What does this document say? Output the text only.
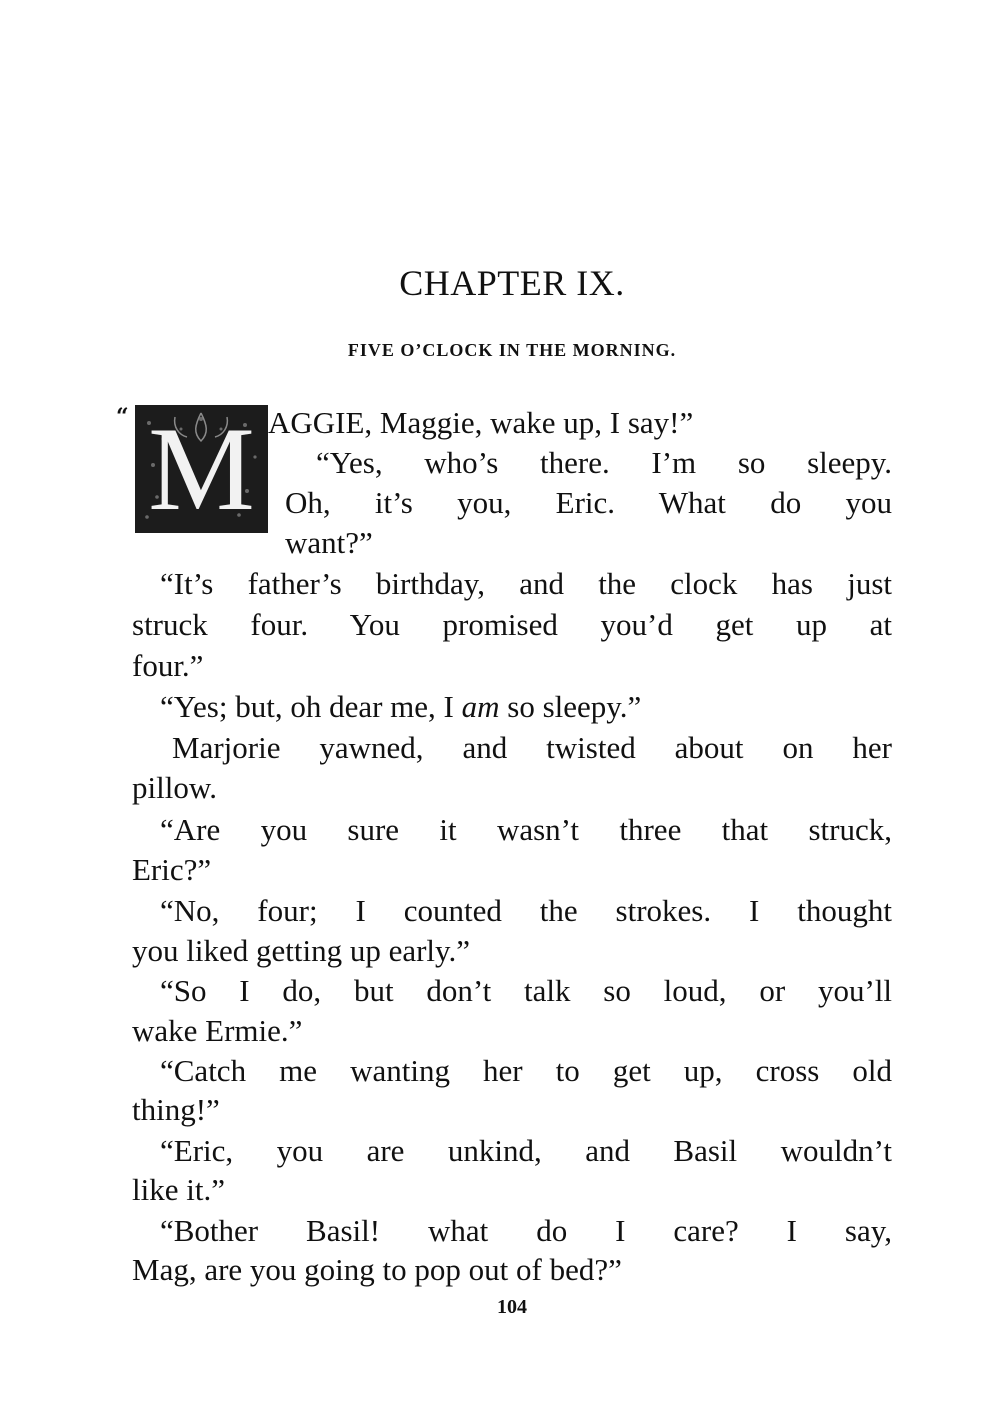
CHAPTER IX.
FIVE O’CLOCK IN THE MORNING.
“ M AGGIE, Maggie, wake up, I say!”
“Yes, who’s there. I’m so sleepy.
Oh, it’s you, Eric. What do you
want?”
“It’s father’s birthday, and the clock has just
struck four. You promised you’d get up at
four.”
“Yes; but, oh dear me, I am so sleepy.”
Marjorie yawned, and twisted about on her
pillow.
“Are you sure it wasn’t three that struck,
Eric?”
“No, four; I counted the strokes. I thought
you liked getting up early.”
“So I do, but don’t talk so loud, or you’ll
wake Ermie.”
“Catch me wanting her to get up, cross old
thing!”
“Eric, you are unkind, and Basil wouldn’t
like it.”
“Bother Basil! what do I care? I say,
Mag, are you going to pop out of bed?”
104
